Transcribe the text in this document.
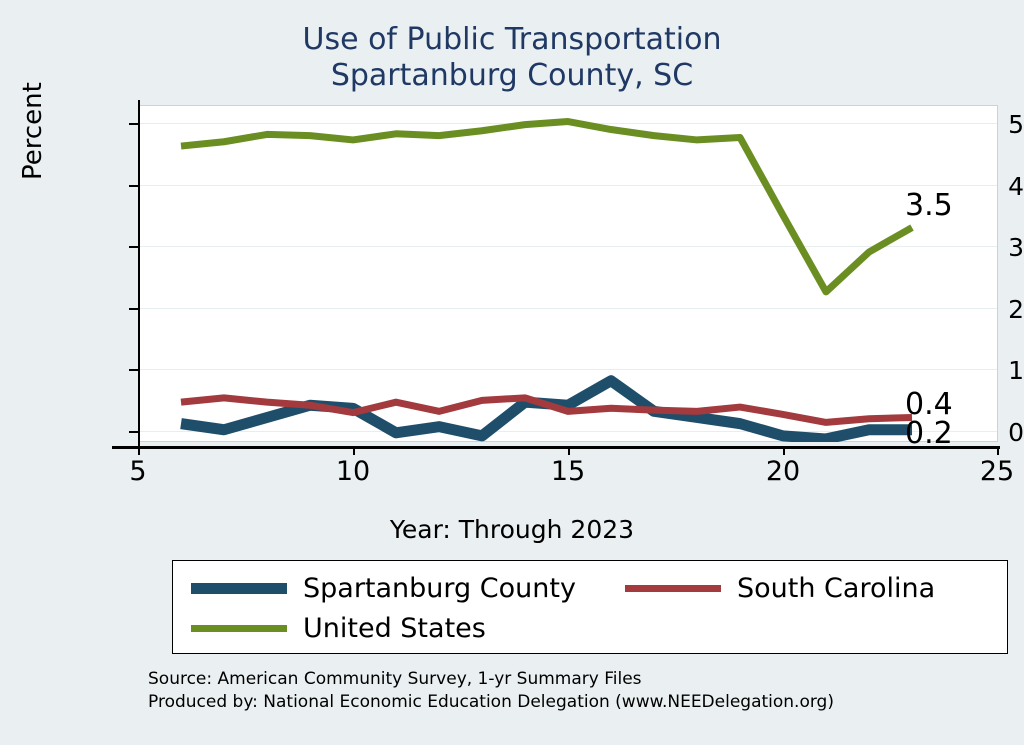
Use of Public Transportation
Spartanburg County, SC
0
1
2
3
4
5
5	10	15	20	25
Percent
Year: Through 2023
3.5
0.4
0.2
Spartanburg County	South Carolina
United States
Source: American Community Survey, 1-yr Summary Files
Produced by: National Economic Education Delegation (www.NEEDelegation.org)
